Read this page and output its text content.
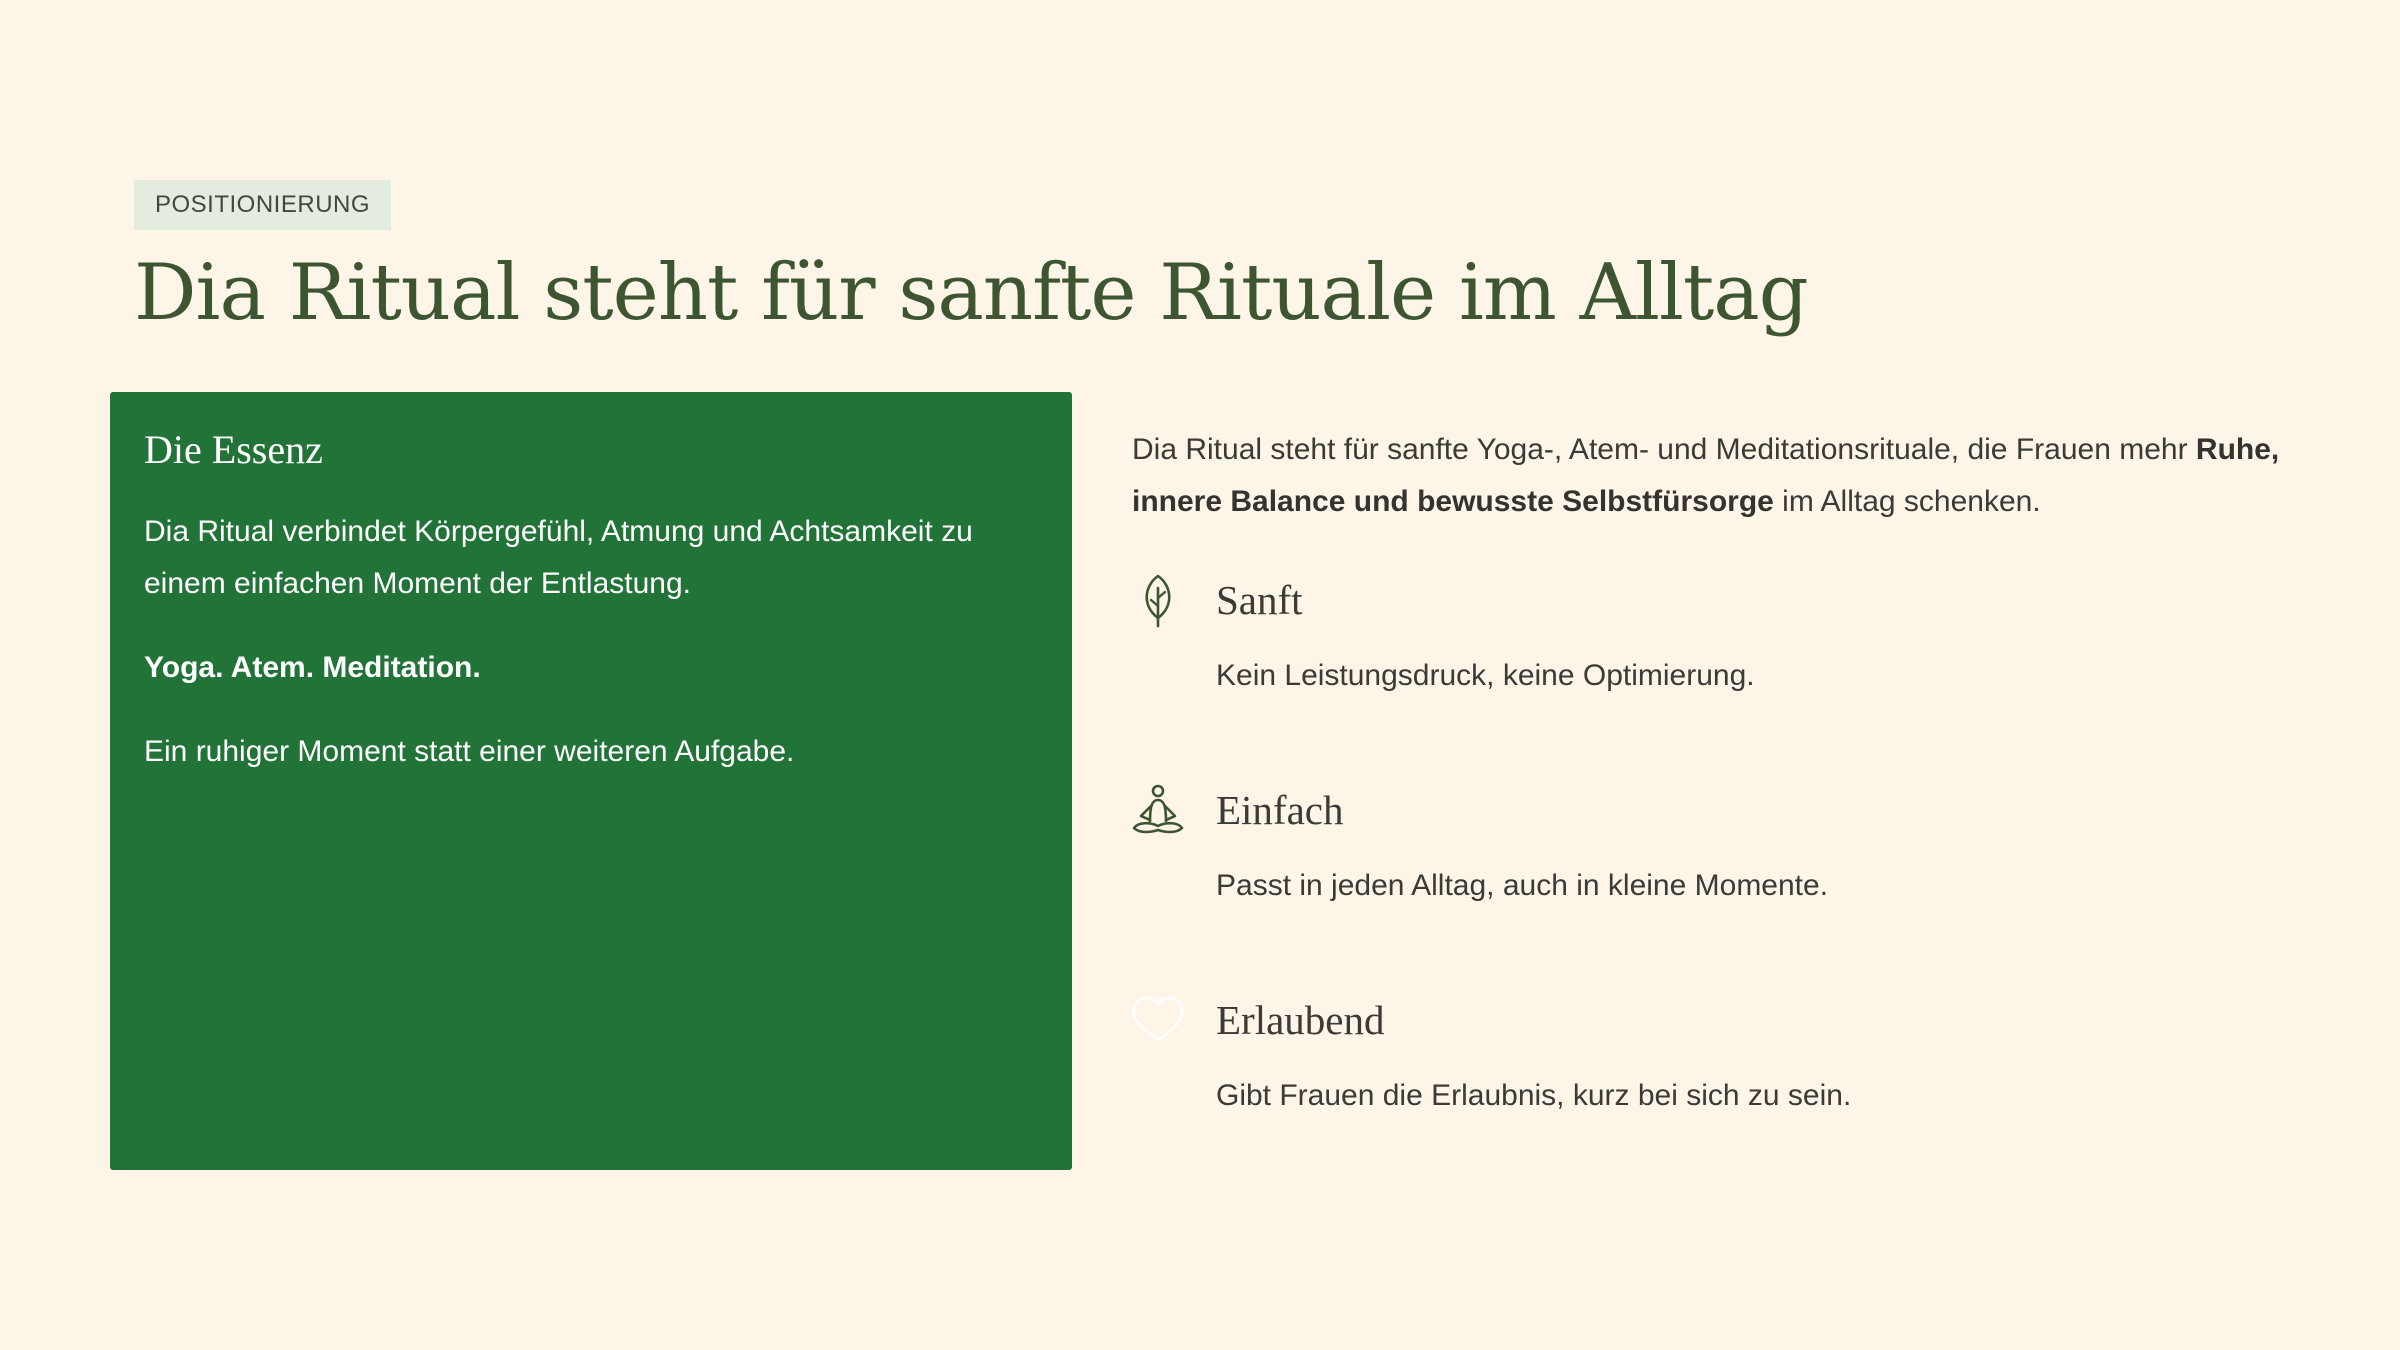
POSITIONIERUNG
Dia Ritual steht für sanfte Rituale im Alltag
Die Essenz

Dia Ritual verbindet Körpergefühl, Atmung und Achtsamkeit zu einem einfachen Moment der Entlastung.

Yoga. Atem. Meditation.

Ein ruhiger Moment statt einer weiteren Aufgabe.

Dia Ritual steht für sanfte Yoga-, Atem- und Meditationsrituale, die Frauen mehr Ruhe, innere Balance und bewusste Selbstfürsorge im Alltag schenken.

Sanft
Kein Leistungsdruck, keine Optimierung.
Einfach
Passt in jeden Alltag, auch in kleine Momente.
Erlaubend
Gibt Frauen die Erlaubnis, kurz bei sich zu sein.
